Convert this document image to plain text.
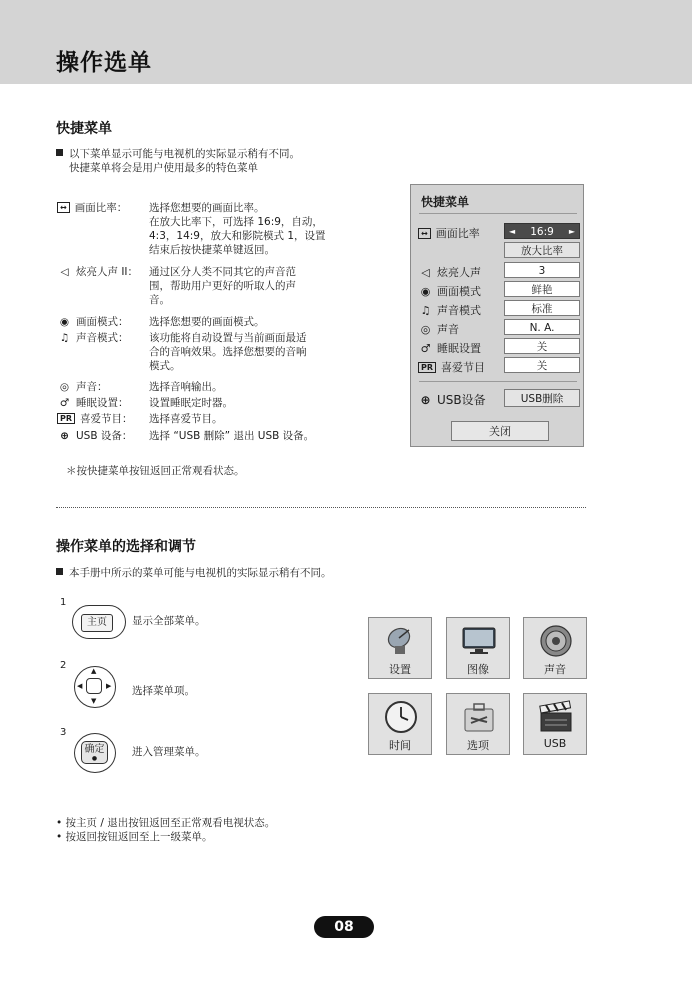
操作选单

快捷菜单

以下菜单显示可能与电视机的实际显示稍有不同。
快捷菜单将会是用户使用最多的特色菜单
↔ 画面比率：	选择您想要的画面比率。
在放大比率下，可选择 16:9，自动，
4:3，14:9，放大和影院模式 1，设置
结束后按快捷菜单键返回。
◁ 炫亮人声 II：	通过区分人类不同其它的声音范
围，帮助用户更好的听取人的声
音。
◉ 画面模式：	选择您想要的画面模式。
♫ 声音模式：	该功能将自动设置与当前画面最适
合的音响效果。选择您想要的音响
模式。
◎ 声音：	选择音响输出。
♂ 睡眠设置：	设置睡眠定时器。
PR 喜爱节目：	选择喜爱节目。
⊕ USB 设备：	选择 “USB 删除” 退出 USB 设备。
＊按快捷菜单按钮返回正常观看状态。
快捷菜单
↔ 画面比率	◄ 16:9 ►
放大比率
◁ 炫亮人声	3
◉ 画面模式	鲜艳
♫ 声音模式	标准
◎ 声音	N. A.
♂ 睡眠设置	关
PR 喜爱节目	关
⊕ USB设备	USB删除
关闭

操作菜单的选择和调节

本手册中所示的菜单可能与电视机的实际显示稍有不同。
1
主页	显示全部菜单。
2	▲
▼
◀	▶ 选择菜单项。
3
确定
●
进入管理菜单。
设置	图像	声音
时间	选项	USB
• 按主页 / 退出按钮返回至正常观看电视状态。
• 按返回按钮返回至上一级菜单。
08
